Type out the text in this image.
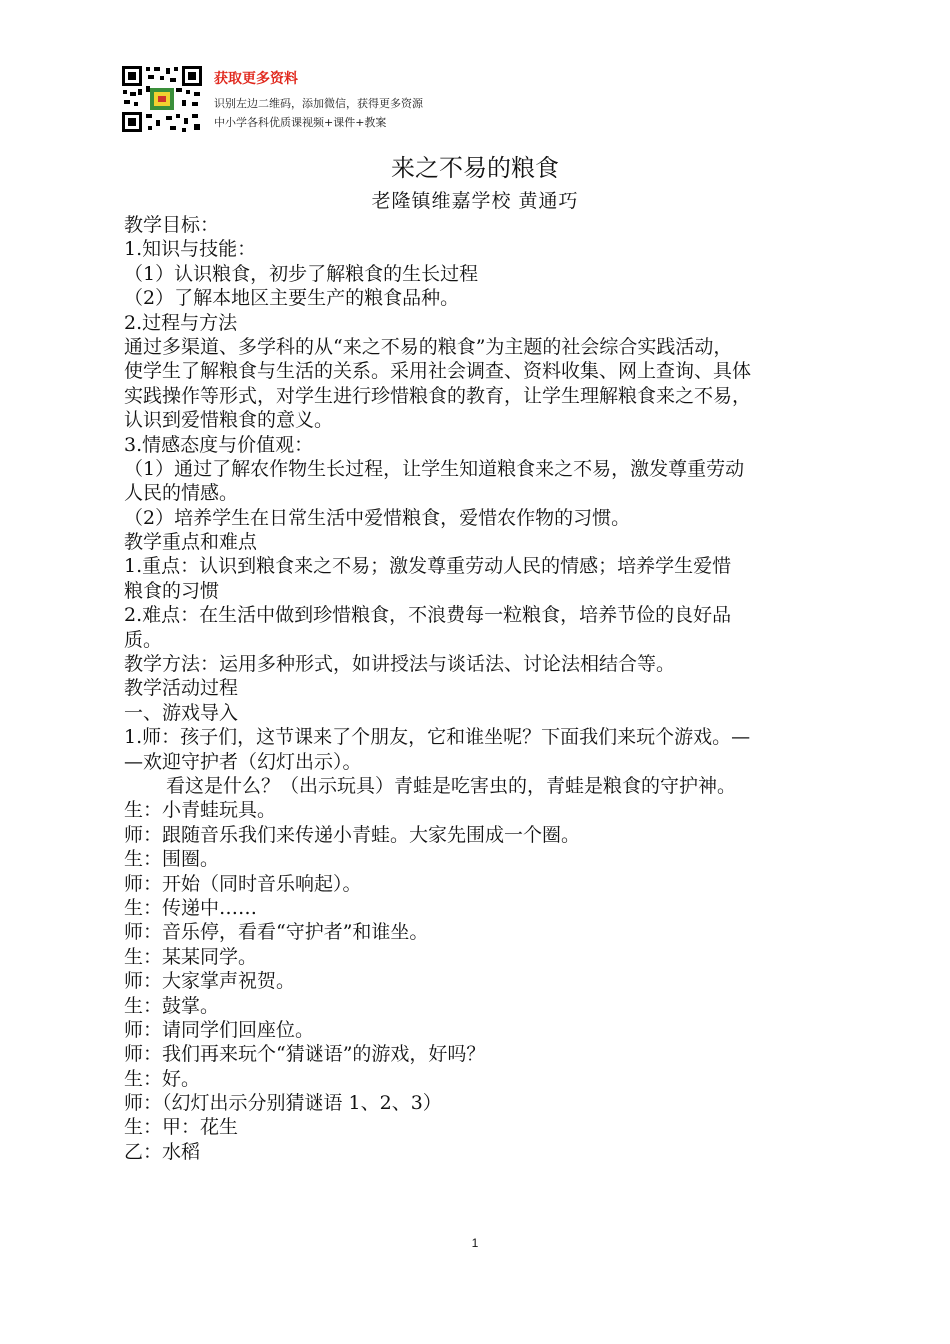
获取更多资料
识别左边二维码，添加微信，获得更多资源
中小学各科优质课视频+课件+教案
来之不易的粮食
老隆镇维嘉学校 黄通巧
教学目标：
1.知识与技能：
（1）认识粮食，初步了解粮食的生长过程
（2）了解本地区主要生产的粮食品种。
2.过程与方法
通过多渠道、多学科的从“来之不易的粮食”为主题的社会综合实践活动，
使学生了解粮食与生活的关系。采用社会调查、资料收集、网上查询、具体
实践操作等形式，对学生进行珍惜粮食的教育，让学生理解粮食来之不易，
认识到爱惜粮食的意义。
3.情感态度与价值观：
（1）通过了解农作物生长过程，让学生知道粮食来之不易，激发尊重劳动
人民的情感。
（2）培养学生在日常生活中爱惜粮食，爱惜农作物的习惯。
教学重点和难点
1.重点：认识到粮食来之不易；激发尊重劳动人民的情感；培养学生爱惜
粮食的习惯
2.难点：在生活中做到珍惜粮食，不浪费每一粒粮食，培养节俭的良好品
质。
教学方法：运用多种形式，如讲授法与谈话法、讨论法相结合等。
教学活动过程
一、游戏导入
1.师：孩子们，这节课来了个朋友，它和谁坐呢？下面我们来玩个游戏。—
—欢迎守护者（幻灯出示）。
看这是什么？（出示玩具）青蛙是吃害虫的，青蛙是粮食的守护神。
生：小青蛙玩具。
师：跟随音乐我们来传递小青蛙。大家先围成一个圈。
生：围圈。
师：开始（同时音乐响起）。
生：传递中……
师：音乐停，看看“守护者”和谁坐。
生：某某同学。
师：大家掌声祝贺。
生：鼓掌。
师：请同学们回座位。
师：我们再来玩个“猜谜语”的游戏，好吗？
生：好。
师：（幻灯出示分别猜谜语 1、2、3）
生：甲：花生
乙：水稻
1
